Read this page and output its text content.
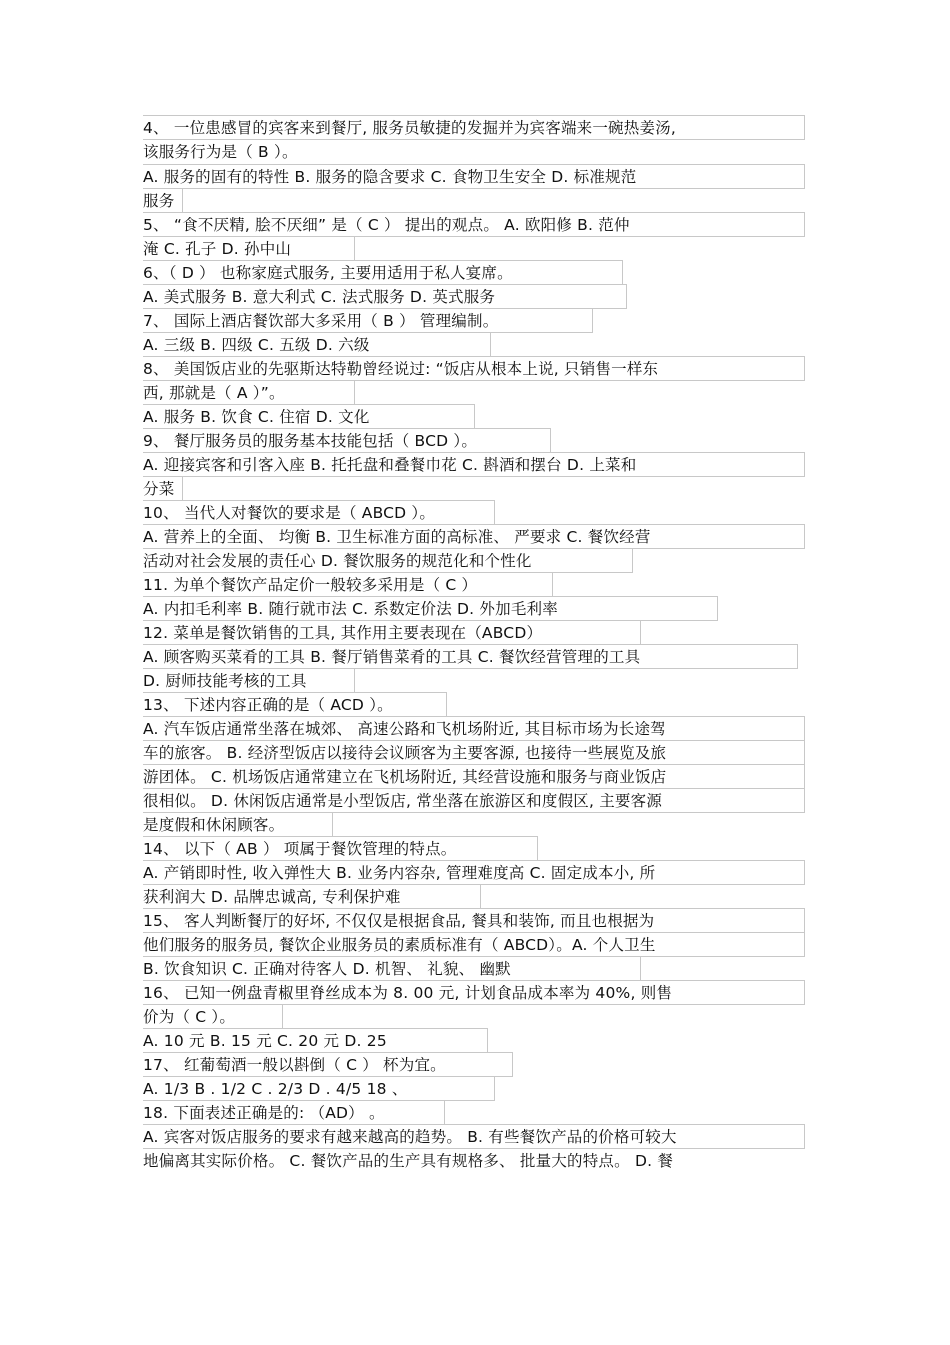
4、 一位患感冒的宾客来到餐厅, 服务员敏捷的发掘并为宾客端来一碗热姜汤,
该服务行为是（ B ）。
A. 服务的固有的特性 B. 服务的隐含要求 C. 食物卫生安全 D. 标准规范
服务
5、 “食不厌精, 脍不厌细” 是（ C ） 提出的观点。 A. 欧阳修 B. 范仲
淹 C. 孔子 D. 孙中山
6、（ D ） 也称家庭式服务, 主要用适用于私人宴席。
A. 美式服务 B. 意大利式 C. 法式服务 D. 英式服务
7、 国际上酒店餐饮部大多采用（ B ） 管理编制。
A. 三级 B. 四级 C. 五级 D. 六级
8、 美国饭店业的先驱斯达特勒曾经说过: “饭店从根本上说, 只销售一样东
西, 那就是（ A ）”。
A. 服务 B. 饮食 C. 住宿 D. 文化
9、 餐厅服务员的服务基本技能包括（ BCD ）。
A. 迎接宾客和引客入座 B. 托托盘和叠餐巾花 C. 斟酒和摆台 D. 上菜和
分菜
10、 当代人对餐饮的要求是（ ABCD ）。
A. 营养上的全面、 均衡 B. 卫生标准方面的高标准、 严要求 C. 餐饮经营
活动对社会发展的责任心 D. 餐饮服务的规范化和个性化
11. 为单个餐饮产品定价一般较多采用是（ C ）
A. 内扣毛利率 B. 随行就市法 C. 系数定价法 D. 外加毛利率
12. 菜单是餐饮销售的工具, 其作用主要表现在（ABCD）
A. 顾客购买菜肴的工具 B. 餐厅销售菜肴的工具 C. 餐饮经营管理的工具
D. 厨师技能考核的工具
13、 下述内容正确的是（ ACD ）。
A. 汽车饭店通常坐落在城郊、 高速公路和飞机场附近, 其目标市场为长途驾
车的旅客。 B. 经济型饭店以接待会议顾客为主要客源, 也接待一些展览及旅
游团体。 C. 机场饭店通常建立在飞机场附近, 其经营设施和服务与商业饭店
很相似。 D. 休闲饭店通常是小型饭店, 常坐落在旅游区和度假区, 主要客源
是度假和休闲顾客。
14、 以下（ AB ） 项属于餐饮管理的特点。
A. 产销即时性, 收入弹性大 B. 业务内容杂, 管理难度高 C. 固定成本小, 所
获利润大 D. 品牌忠诚高, 专利保护难
15、 客人判断餐厅的好坏, 不仅仅是根据食品, 餐具和装饰, 而且也根据为
他们服务的服务员, 餐饮企业服务员的素质标准有（ ABCD）。A. 个人卫生
B. 饮食知识 C. 正确对待客人 D. 机智、 礼貌、 幽默
16、 已知一例盘青椒里脊丝成本为 8. 00 元, 计划食品成本率为 40%, 则售
价为（ C ）。
A. 10 元 B. 15 元 C. 20 元 D. 25
17、 红葡萄酒一般以斟倒（ C ） 杯为宜。
A. 1/3 B . 1/2 C . 2/3 D . 4/5 18 、
18. 下面表述正确是的: （AD） 。
A. 宾客对饭店服务的要求有越来越高的趋势。 B. 有些餐饮产品的价格可较大
地偏离其实际价格。 C. 餐饮产品的生产具有规格多、 批量大的特点。 D. 餐
